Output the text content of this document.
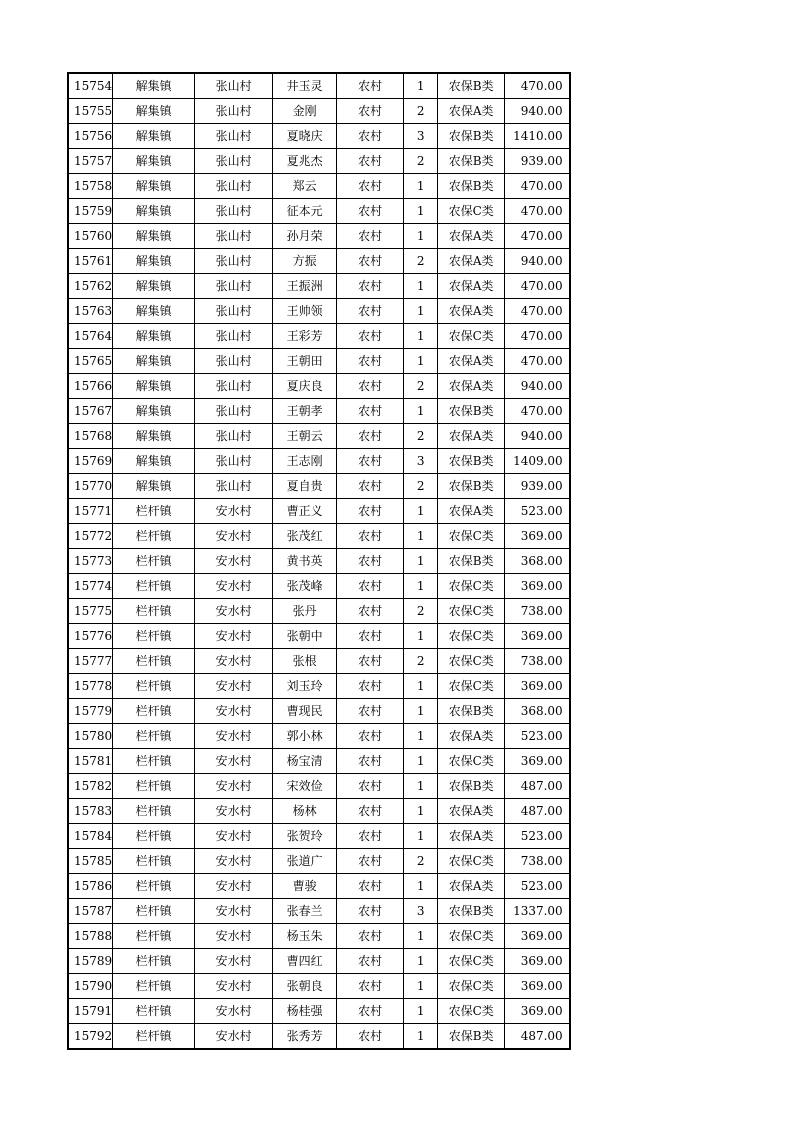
15754	解集镇	张山村	井玉灵	农村	1	农保B类	470.00
15755	解集镇	张山村	金刚	农村	2	农保A类	940.00
15756	解集镇	张山村	夏晓庆	农村	3	农保B类	1410.00
15757	解集镇	张山村	夏兆杰	农村	2	农保B类	939.00
15758	解集镇	张山村	郑云	农村	1	农保B类	470.00
15759	解集镇	张山村	征本元	农村	1	农保C类	470.00
15760	解集镇	张山村	孙月荣	农村	1	农保A类	470.00
15761	解集镇	张山村	方振	农村	2	农保A类	940.00
15762	解集镇	张山村	王振洲	农村	1	农保A类	470.00
15763	解集镇	张山村	王帅领	农村	1	农保A类	470.00
15764	解集镇	张山村	王彩芳	农村	1	农保C类	470.00
15765	解集镇	张山村	王朝田	农村	1	农保A类	470.00
15766	解集镇	张山村	夏庆良	农村	2	农保A类	940.00
15767	解集镇	张山村	王朝孝	农村	1	农保B类	470.00
15768	解集镇	张山村	王朝云	农村	2	农保A类	940.00
15769	解集镇	张山村	王志刚	农村	3	农保B类	1409.00
15770	解集镇	张山村	夏自贵	农村	2	农保B类	939.00
15771	栏杆镇	安水村	曹正义	农村	1	农保A类	523.00
15772	栏杆镇	安水村	张茂红	农村	1	农保C类	369.00
15773	栏杆镇	安水村	黄书英	农村	1	农保B类	368.00
15774	栏杆镇	安水村	张茂峰	农村	1	农保C类	369.00
15775	栏杆镇	安水村	张丹	农村	2	农保C类	738.00
15776	栏杆镇	安水村	张朝中	农村	1	农保C类	369.00
15777	栏杆镇	安水村	张根	农村	2	农保C类	738.00
15778	栏杆镇	安水村	刘玉玲	农村	1	农保C类	369.00
15779	栏杆镇	安水村	曹现民	农村	1	农保B类	368.00
15780	栏杆镇	安水村	郭小林	农村	1	农保A类	523.00
15781	栏杆镇	安水村	杨宝清	农村	1	农保C类	369.00
15782	栏杆镇	安水村	宋效俭	农村	1	农保B类	487.00
15783	栏杆镇	安水村	杨林	农村	1	农保A类	487.00
15784	栏杆镇	安水村	张贺玲	农村	1	农保A类	523.00
15785	栏杆镇	安水村	张道广	农村	2	农保C类	738.00
15786	栏杆镇	安水村	曹骏	农村	1	农保A类	523.00
15787	栏杆镇	安水村	张春兰	农村	3	农保B类	1337.00
15788	栏杆镇	安水村	杨玉朱	农村	1	农保C类	369.00
15789	栏杆镇	安水村	曹四红	农村	1	农保C类	369.00
15790	栏杆镇	安水村	张朝良	农村	1	农保C类	369.00
15791	栏杆镇	安水村	杨桂强	农村	1	农保C类	369.00
15792	栏杆镇	安水村	张秀芳	农村	1	农保B类	487.00
